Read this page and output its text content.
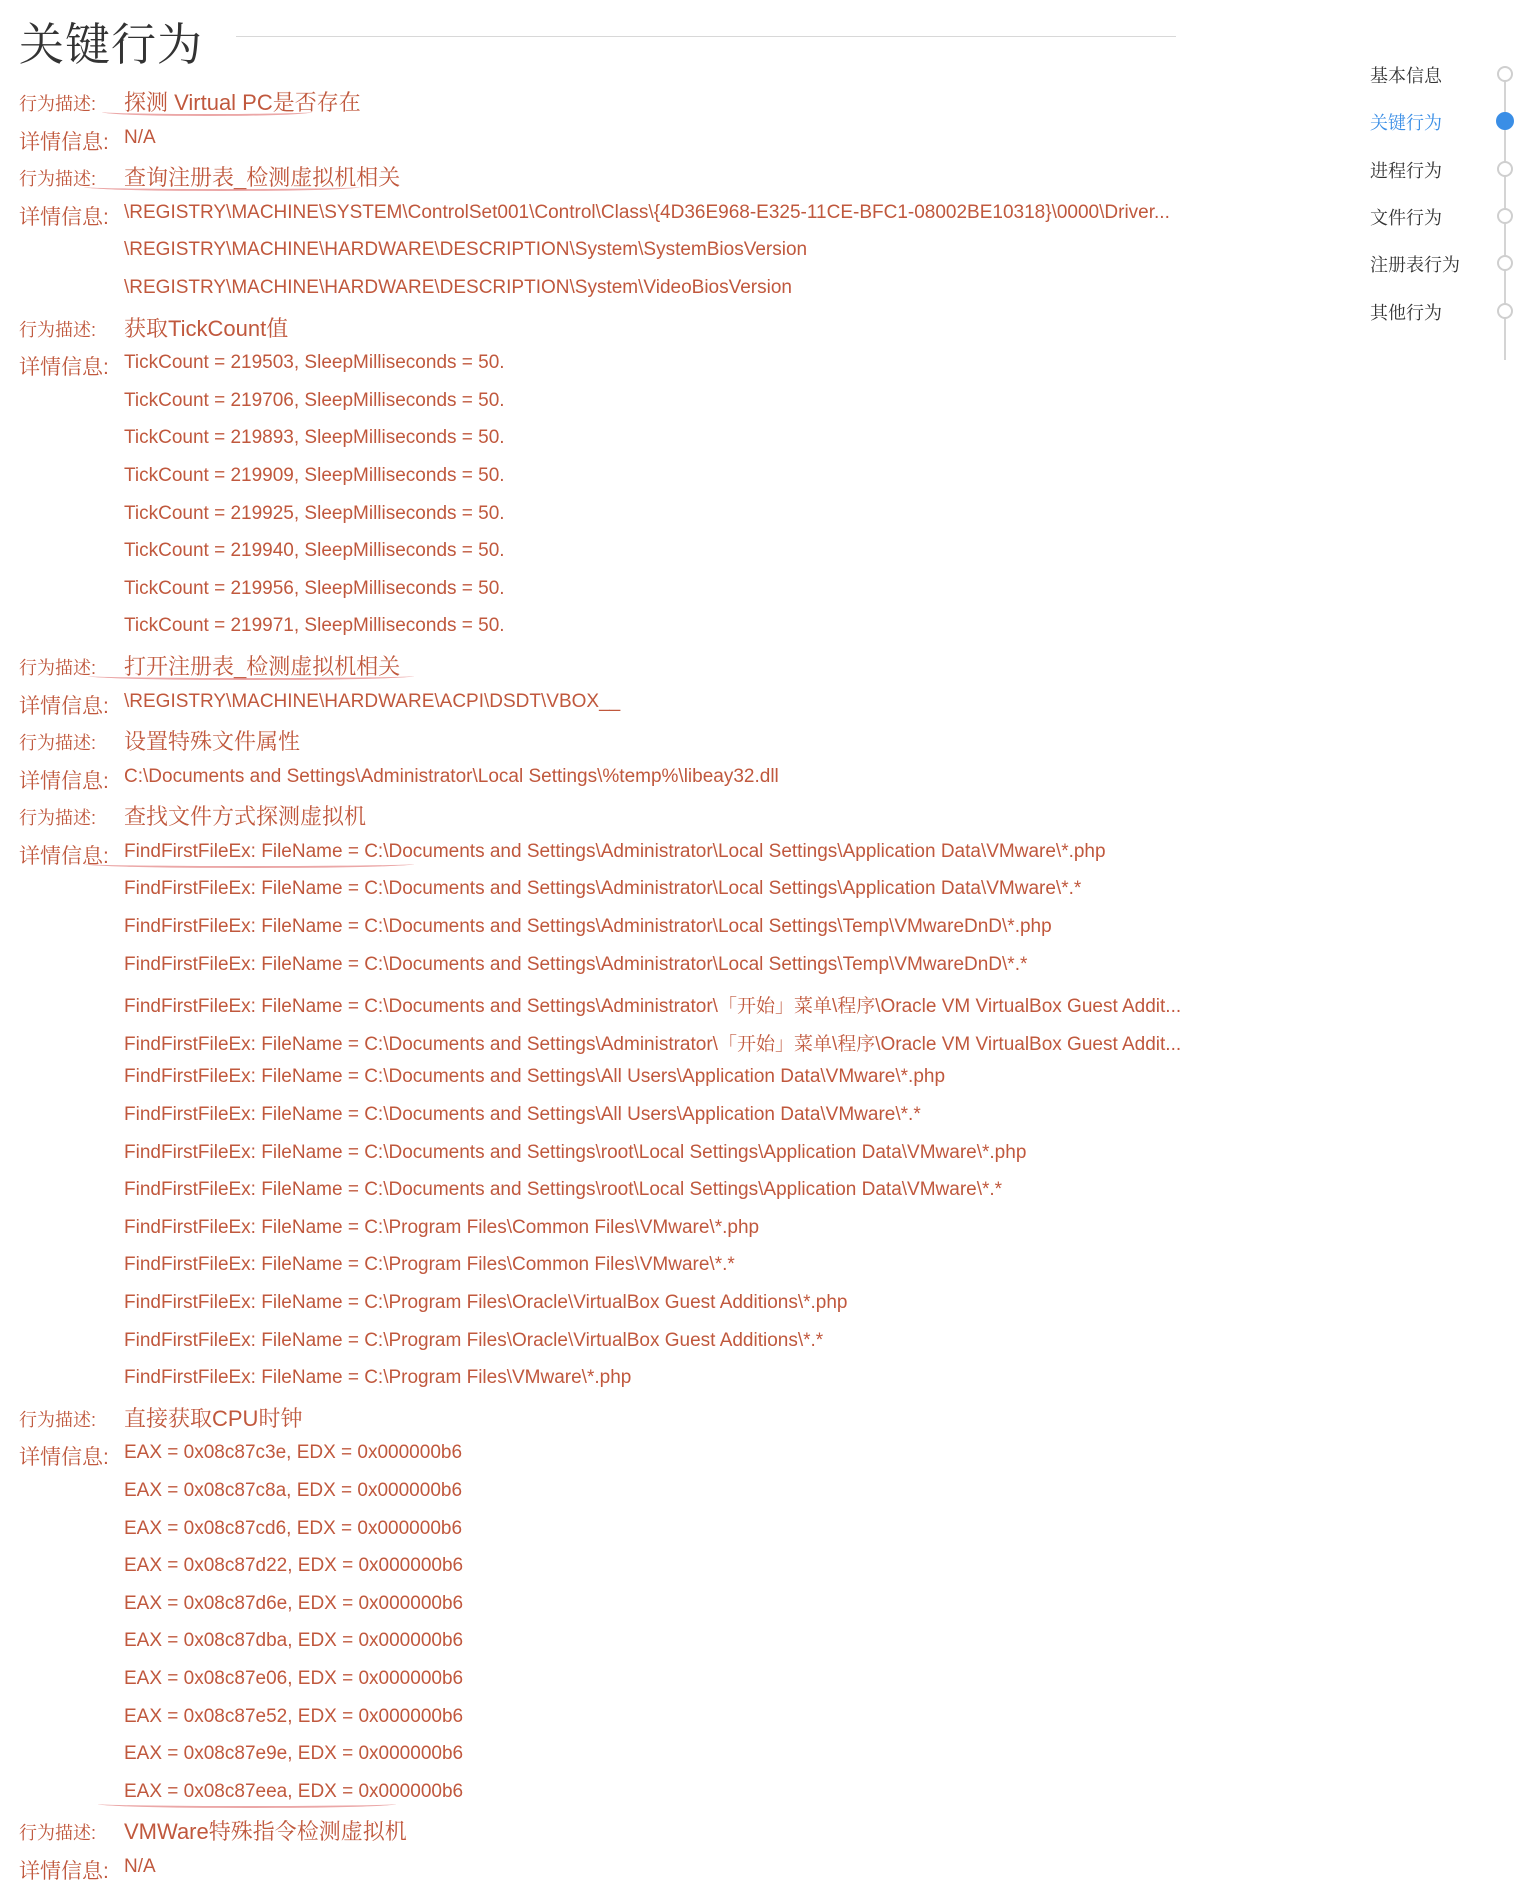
关键行为
行为描述: 探测 Virtual PC是否存在
详情信息: N/A
行为描述: 查询注册表_检测虚拟机相关
详情信息: \REGISTRY\MACHINE\SYSTEM\ControlSet001\Control\Class\{4D36E968-E325-11CE-BFC1-08002BE10318}\0000\Driver...
\REGISTRY\MACHINE\HARDWARE\DESCRIPTION\System\SystemBiosVersion
\REGISTRY\MACHINE\HARDWARE\DESCRIPTION\System\VideoBiosVersion
行为描述: 获取TickCount值
详情信息: TickCount = 219503, SleepMilliseconds = 50.
TickCount = 219706, SleepMilliseconds = 50.
TickCount = 219893, SleepMilliseconds = 50.
TickCount = 219909, SleepMilliseconds = 50.
TickCount = 219925, SleepMilliseconds = 50.
TickCount = 219940, SleepMilliseconds = 50.
TickCount = 219956, SleepMilliseconds = 50.
TickCount = 219971, SleepMilliseconds = 50.
行为描述: 打开注册表_检测虚拟机相关
详情信息: \REGISTRY\MACHINE\HARDWARE\ACPI\DSDT\VBOX__
行为描述: 设置特殊文件属性
详情信息: C:\Documents and Settings\Administrator\Local Settings\%temp%\libeay32.dll
行为描述: 查找文件方式探测虚拟机
详情信息: FindFirstFileEx: FileName = C:\Documents and Settings\Administrator\Local Settings\Application Data\VMware\*.php
FindFirstFileEx: FileName = C:\Documents and Settings\Administrator\Local Settings\Application Data\VMware\*.*
FindFirstFileEx: FileName = C:\Documents and Settings\Administrator\Local Settings\Temp\VMwareDnD\*.php
FindFirstFileEx: FileName = C:\Documents and Settings\Administrator\Local Settings\Temp\VMwareDnD\*.*
FindFirstFileEx: FileName = C:\Documents and Settings\Administrator\「开始」菜单\程序\Oracle VM VirtualBox Guest Addit...
FindFirstFileEx: FileName = C:\Documents and Settings\Administrator\「开始」菜单\程序\Oracle VM VirtualBox Guest Addit...
FindFirstFileEx: FileName = C:\Documents and Settings\All Users\Application Data\VMware\*.php
FindFirstFileEx: FileName = C:\Documents and Settings\All Users\Application Data\VMware\*.*
FindFirstFileEx: FileName = C:\Documents and Settings\root\Local Settings\Application Data\VMware\*.php
FindFirstFileEx: FileName = C:\Documents and Settings\root\Local Settings\Application Data\VMware\*.*
FindFirstFileEx: FileName = C:\Program Files\Common Files\VMware\*.php
FindFirstFileEx: FileName = C:\Program Files\Common Files\VMware\*.*
FindFirstFileEx: FileName = C:\Program Files\Oracle\VirtualBox Guest Additions\*.php
FindFirstFileEx: FileName = C:\Program Files\Oracle\VirtualBox Guest Additions\*.*
FindFirstFileEx: FileName = C:\Program Files\VMware\*.php
行为描述: 直接获取CPU时钟
详情信息: EAX = 0x08c87c3e, EDX = 0x000000b6
EAX = 0x08c87c8a, EDX = 0x000000b6
EAX = 0x08c87cd6, EDX = 0x000000b6
EAX = 0x08c87d22, EDX = 0x000000b6
EAX = 0x08c87d6e, EDX = 0x000000b6
EAX = 0x08c87dba, EDX = 0x000000b6
EAX = 0x08c87e06, EDX = 0x000000b6
EAX = 0x08c87e52, EDX = 0x000000b6
EAX = 0x08c87e9e, EDX = 0x000000b6
EAX = 0x08c87eea, EDX = 0x000000b6
行为描述: VMWare特殊指令检测虚拟机
详情信息: N/A
基本信息
关键行为
进程行为
文件行为
注册表行为
其他行为
